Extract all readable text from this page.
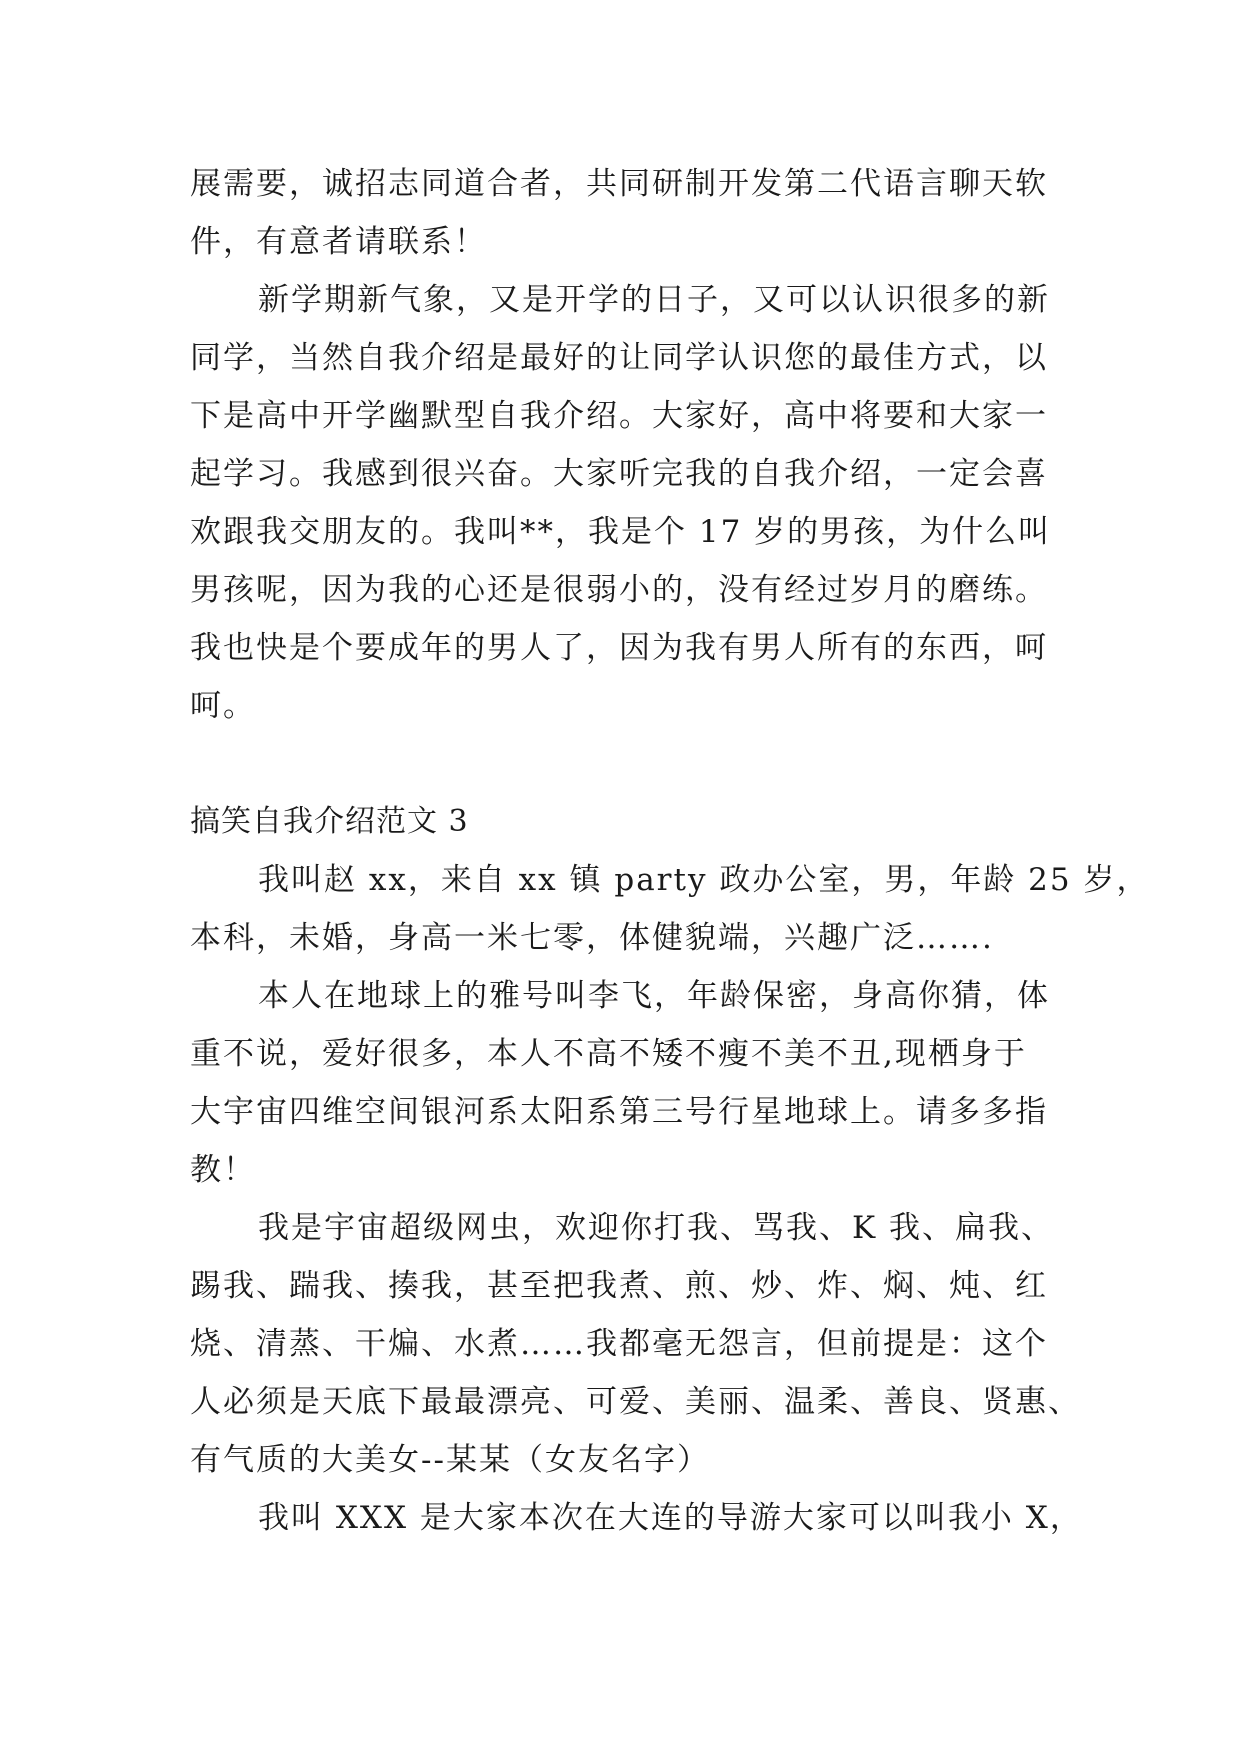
展需要，诚招志同道合者，共同研制开发第二代语言聊天软
件，有意者请联系！
新学期新气象，又是开学的日子，又可以认识很多的新
同学，当然自我介绍是最好的让同学认识您的最佳方式，以
下是高中开学幽默型自我介绍。大家好，高中将要和大家一
起学习。我感到很兴奋。大家听完我的自我介绍，一定会喜
欢跟我交朋友的。我叫**，我是个 17 岁的男孩，为什么叫
男孩呢，因为我的心还是很弱小的，没有经过岁月的磨练。
我也快是个要成年的男人了，因为我有男人所有的东西，呵
呵。
搞笑自我介绍范文 3
我叫赵 xx，来自 xx 镇 party 政办公室，男，年龄 25 岁，
本科，未婚，身高一米七零，体健貌端，兴趣广泛…….
本人在地球上的雅号叫李飞，年龄保密，身高你猜，体
重不说，爱好很多，本人不高不矮不瘦不美不丑,现栖身于
大宇宙四维空间银河系太阳系第三号行星地球上。请多多指
教！
我是宇宙超级网虫，欢迎你打我、骂我、K 我、扁我、
踢我、踹我、揍我，甚至把我煮、煎、炒、炸、焖、炖、红
烧、清蒸、干煸、水煮……我都毫无怨言，但前提是：这个
人必须是天底下最最漂亮、可爱、美丽、温柔、善良、贤惠、
有气质的大美女--某某（女友名字）
我叫 XXX 是大家本次在大连的导游大家可以叫我小 X，
